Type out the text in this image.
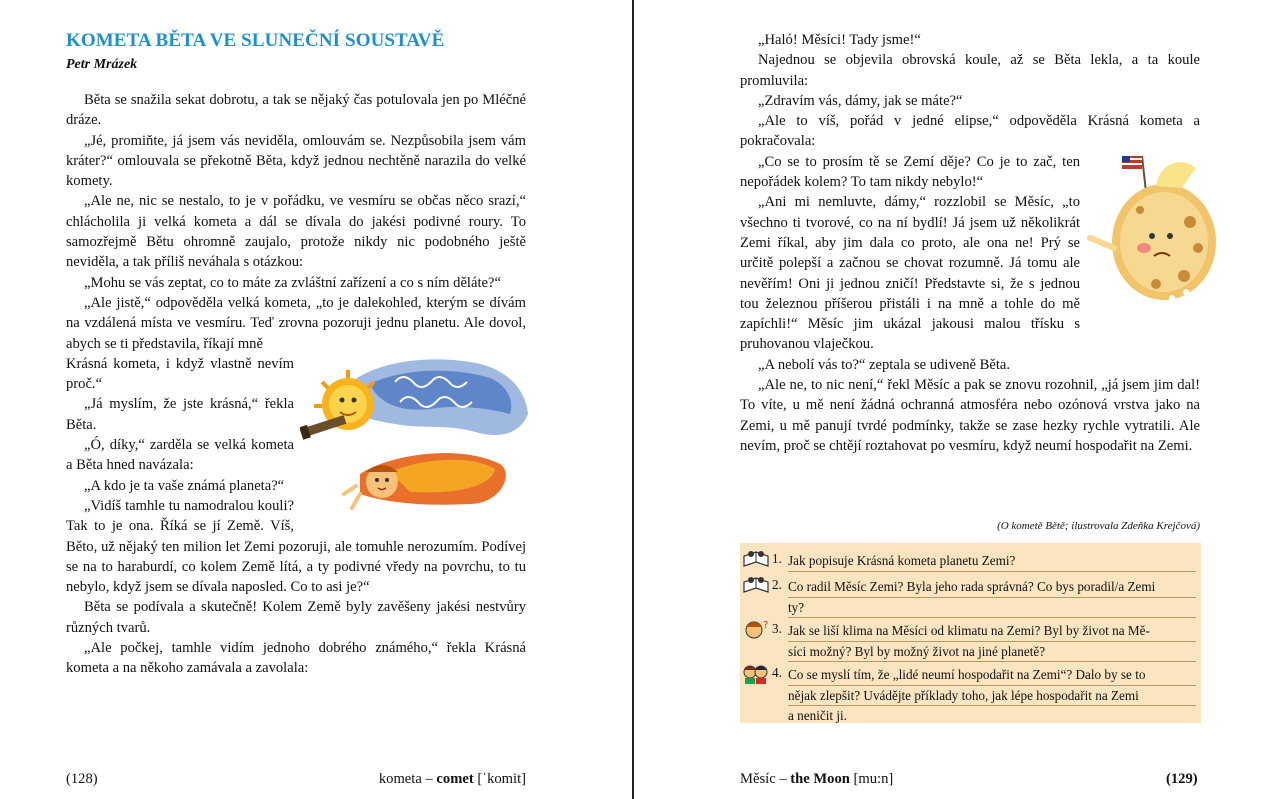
KOMETA BĚTA VE SLUNEČNÍ SOUSTAVĚ
Petr Mrázek

Běta se snažila sekat dobrotu, a tak se nějaký čas potulovala jen po Mléčné dráze.

„Jé, promiňte, já jsem vás neviděla, omlouvám se. Nezpůsobila jsem vám kráter?“ omlouvala se překotně Běta, když jednou nechtěně narazila do velké komety.

„Ale ne, nic se nestalo, to je v pořádku, ve vesmíru se občas něco srazí,“ chlácholila ji velká kometa a dál se dívala do jakési podivné roury. To samozřejmě Bětu ohromně zaujalo, protože nikdy nic podobného ještě neviděla, a tak příliš neváhala s otázkou:

„Mohu se vás zeptat, co to máte za zvláštní zařízení a co s ním děláte?“

„Ale jistě,“ odpověděla velká kometa, „to je dalekohled, kterým se dívám na vzdálená místa ve vesmíru. Teď zrovna pozoruji jednu planetu. Ale dovol, abych se ti představila, říkají mně

Krásná kometa, i když vlastně nevím proč.“

„Já myslím, že jste krásná,“ řekla Běta.

„Ó, díky,“ zarděla se velká kometa a Běta hned navázala:

„A kdo je ta vaše známá planeta?“

„Vidíš tamhle tu namodralou kouli? Tak to je ona. Říká se jí Země. Víš, Běto, už nějaký ten milion let Zemi pozoruji, ale tomuhle nerozumím. Podívej se na to haraburdí, co kolem Země lítá, a ty podivné vředy na povrchu, to tu nebylo, když jsem se dívala naposled. Co to asi je?“

Běta se podívala a skutečně! Kolem Země byly zavěšeny jakési nestvůry různých tvarů.

„Ale počkej, tamhle vidím jednoho dobrého známého,“ řekla Krásná kometa a na někoho zamávala a zavolala:

(128)	kometa – comet [ˈkomit]

„Haló! Měsíci! Tady jsme!“

Najednou se objevila obrovská koule, až se Běta lekla, a ta koule promluvila:

„Zdravím vás, dámy, jak se máte?“

„Ale to víš, pořád v jedné elipse,“ odpověděla Krásná kometa a pokračovala:

„Co se to prosím tě se Zemí děje? Co je to zač, ten nepořádek kolem? To tam nikdy nebylo!“

„Ani mi nemluvte, dámy,“ rozzlobil se Měsíc, „to všechno ti tvorové, co na ní bydlí! Já jsem už několikrát Zemi říkal, aby jim dala co proto, ale ona ne! Prý se určitě polepší a začnou se chovat rozumně. Já tomu ale nevěřím! Oni ji jednou zničí! Představte si, že s jednou tou železnou příšerou přistáli i na mně a tohle do mě zapíchli!“ Měsíc jim ukázal jakousi malou třísku s pruhovanou vlaječkou.

„A nebolí vás to?“ zeptala se udiveně Běta.

„Ale ne, to nic není,“ řekl Měsíc a pak se znovu rozohnil, „já jsem jim dal! To víte, u mě není žádná ochranná atmosféra nebo ozónová vrstva jako na Zemi, u mě panují tvrdé podmínky, takže se zase hezky rychle vytratili. Ale nevím, proč se chtějí roztahovat po vesmíru, když neumí hospodařit na Zemi.

(O kometě Bětě; ilustrovala Zdeňka Krejčová)
1. Jak popisuje Krásná kometa planetu Zemi?
2. Co radil Měsíc Zemi? Byla jeho rada správná? Co bys poradil/a Zemi
ty?
? 3. Jak se liší klima na Měsíci od klimatu na Zemi? Byl by život na Mě-
síci možný? Byl by možný život na jiné planetě?
4. Co se myslí tím, že „lidé neumí hospodařit na Zemi“? Dalo by se to
nějak zlepšit? Uvádějte příklady toho, jak lépe hospodařit na Zemi
a neničit ji.
Měsíc – the Moon [mu:n]	(129)
